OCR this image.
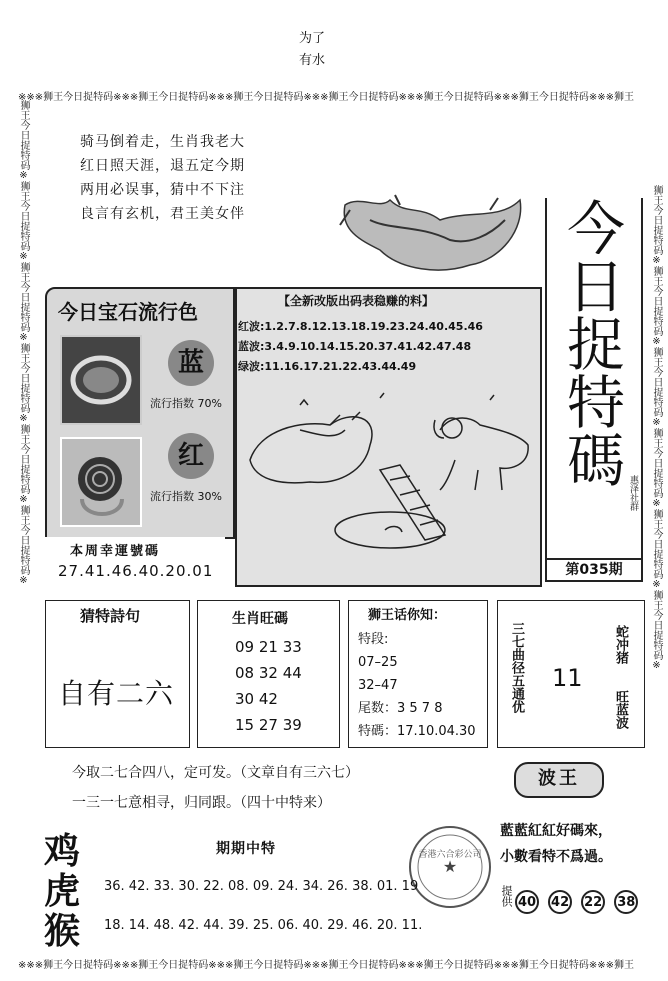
为了
有水
※※※狮王今日捉特码※※※狮王今日捉特码※※※狮王今日捉特码※※※狮王今日捉特码※※※狮王今日捉特码※※※狮王今日捉特码※※※狮王
※※※狮王今日捉特码※※※狮王今日捉特码※※※狮王今日捉特码※※※狮王今日捉特码※※※狮王今日捉特码※※※狮王今日捉特码※※※狮王
狮王今日捉特码※狮王今日捉特码※狮王今日捉特码※狮王今日捉特码※狮王今日捉特码※狮王今日捉特码※	狮王今日捉特码※狮王今日捉特码※狮王今日捉特码※狮王今日捉特码※狮王今日捉特码※狮王今日捉特码※
骑马倒着走，生肖我老大
红日照天涯，退五定今期
两用必误事，猜中不下注
良言有玄机，君王美女伴	今日捉特碼
惠泽社群
第035期
今日宝石流行色
蓝
流行指数 70%
红
流行指数 30%
本周幸運號碼
27.41.46.40.20.01
【全新改版出码表稳赚的料】
红波:1.2.7.8.12.13.18.19.23.24.40.45.46
蓝波:3.4.9.10.14.15.20.37.41.42.47.48
绿波:11.16.17.21.22.43.44.49
猜特詩句
自有二六
生肖旺碼
09 21 33
08 32 44
30 42
15 27 39
狮王话你知：
特段:
07–25
32–47
尾数：3 5 7 8
特碼：17.10.04.30
三七曲径五通优 11
蛇冲猪
旺蓝波
今取二七合四八，定可发。（文章自有三六七）
一三一七意相寻，归同跟。（四十中特来）
波王
藍藍紅紅好碼來，
小數看特不爲過。
提供 40 42 22 38
★
香港六合彩公司
鸡
虎
猴
期期中特
36. 42. 33. 30. 22. 08. 09. 24. 34. 26. 38. 01. 19
18. 14. 48. 42. 44. 39. 25. 06. 40. 29. 46. 20. 11.
